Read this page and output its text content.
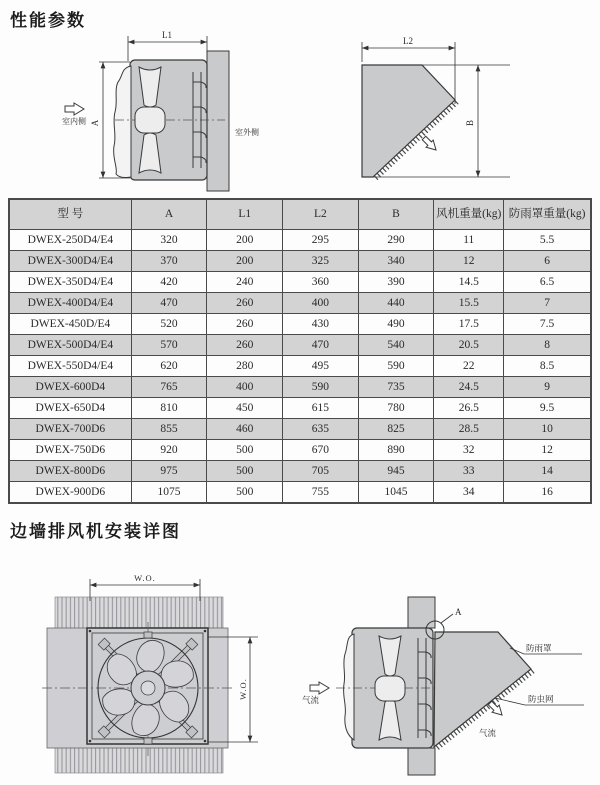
性能参数
L1
A
室内侧
室外侧
L2
B
型 号	A	L1	L2	B	风机重量(kg)	防雨罩重量(kg)
DWEX-250D4/E4	320	200	295	290	11	5.5
DWEX-300D4/E4	370	200	325	340	12	6
DWEX-350D4/E4	420	240	360	390	14.5	6.5
DWEX-400D4/E4	470	260	400	440	15.5	7
DWEX-450D/E4	520	260	430	490	17.5	7.5
DWEX-500D4/E4	570	260	470	540	20.5	8
DWEX-550D4/E4	620	280	495	590	22	8.5
DWEX-600D4	765	400	590	735	24.5	9
DWEX-650D4	810	450	615	780	26.5	9.5
DWEX-700D6	855	460	635	825	28.5	10
DWEX-750D6	920	500	670	890	32	12
DWEX-800D6	975	500	705	945	33	14
DWEX-900D6	1075	500	755	1045	34	16
边墙排风机安装详图
W.O.
W.O.
A
防雨罩
防虫网
气流
气流
